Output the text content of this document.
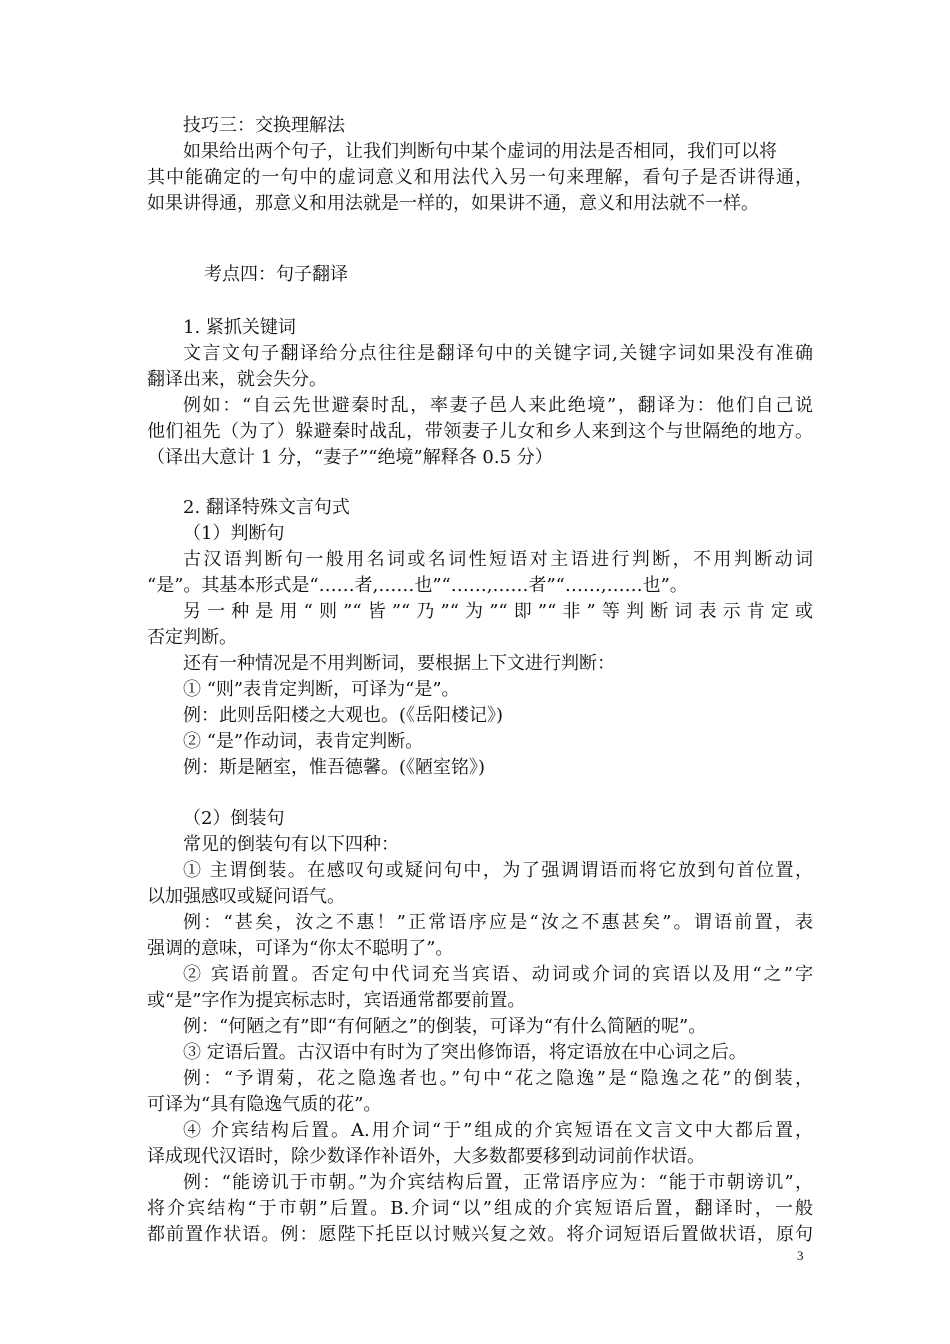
技巧三：交换理解法
如果给出两个句子，让我们判断句中某个虚词的用法是否相同，我们可以将
其中能确定的一句中的虚词意义和用法代入另一句来理解，看句子是否讲得通，
如果讲得通，那意义和用法就是一样的，如果讲不通，意义和用法就不一样。
考点四：句子翻译
1. 紧抓关键词
文言文句子翻译给分点往往是翻译句中的关键字词,关键字词如果没有准确
翻译出来，就会失分。
例如：“自云先世避秦时乱，率妻子邑人来此绝境”，翻译为：他们自己说
他们祖先（为了）躲避秦时战乱，带领妻子儿女和乡人来到这个与世隔绝的地方。
（译出大意计 1 分，“妻子”“绝境”解释各 0.5 分）
2. 翻译特殊文言句式
（1）判断句
古汉语判断句一般用名词或名词性短语对主语进行判断，不用判断动词
“是”。其基本形式是“……者,……也”“……,……者”“……,……也”。
另一种是用“则”“皆”“乃”“为”“即”“非”等判断词表示肯定或
否定判断。
还有一种情况是不用判断词，要根据上下文进行判断：
① “则”表肯定判断，可译为“是”。
例：此则岳阳楼之大观也。(《岳阳楼记》)
② “是”作动词，表肯定判断。
例：斯是陋室，惟吾德馨。(《陋室铭》)
（2）倒装句
常见的倒装句有以下四种：
① 主谓倒装。在感叹句或疑问句中，为了强调谓语而将它放到句首位置，
以加强感叹或疑问语气。
例：“甚矣，汝之不惠！”正常语序应是“汝之不惠甚矣”。谓语前置，表
强调的意味，可译为“你太不聪明了”。
② 宾语前置。否定句中代词充当宾语、动词或介词的宾语以及用“之”字
或“是”字作为提宾标志时，宾语通常都要前置。
例：“何陋之有”即“有何陋之”的倒装，可译为“有什么简陋的呢”。
③ 定语后置。古汉语中有时为了突出修饰语，将定语放在中心词之后。
例：“予谓菊，花之隐逸者也。”句中“花之隐逸”是“隐逸之花”的倒装，
可译为“具有隐逸气质的花”。
④ 介宾结构后置。A.用介词“于”组成的介宾短语在文言文中大都后置，
译成现代汉语时，除少数译作补语外，大多数都要移到动词前作状语。
例：“能谤讥于市朝。”为介宾结构后置，正常语序应为：“能于市朝谤讥”，
将介宾结构“于市朝”后置。B.介词“以”组成的介宾短语后置，翻译时，一般
都前置作状语。例：愿陛下托臣以讨贼兴复之效。将介词短语后置做状语，原句
3
